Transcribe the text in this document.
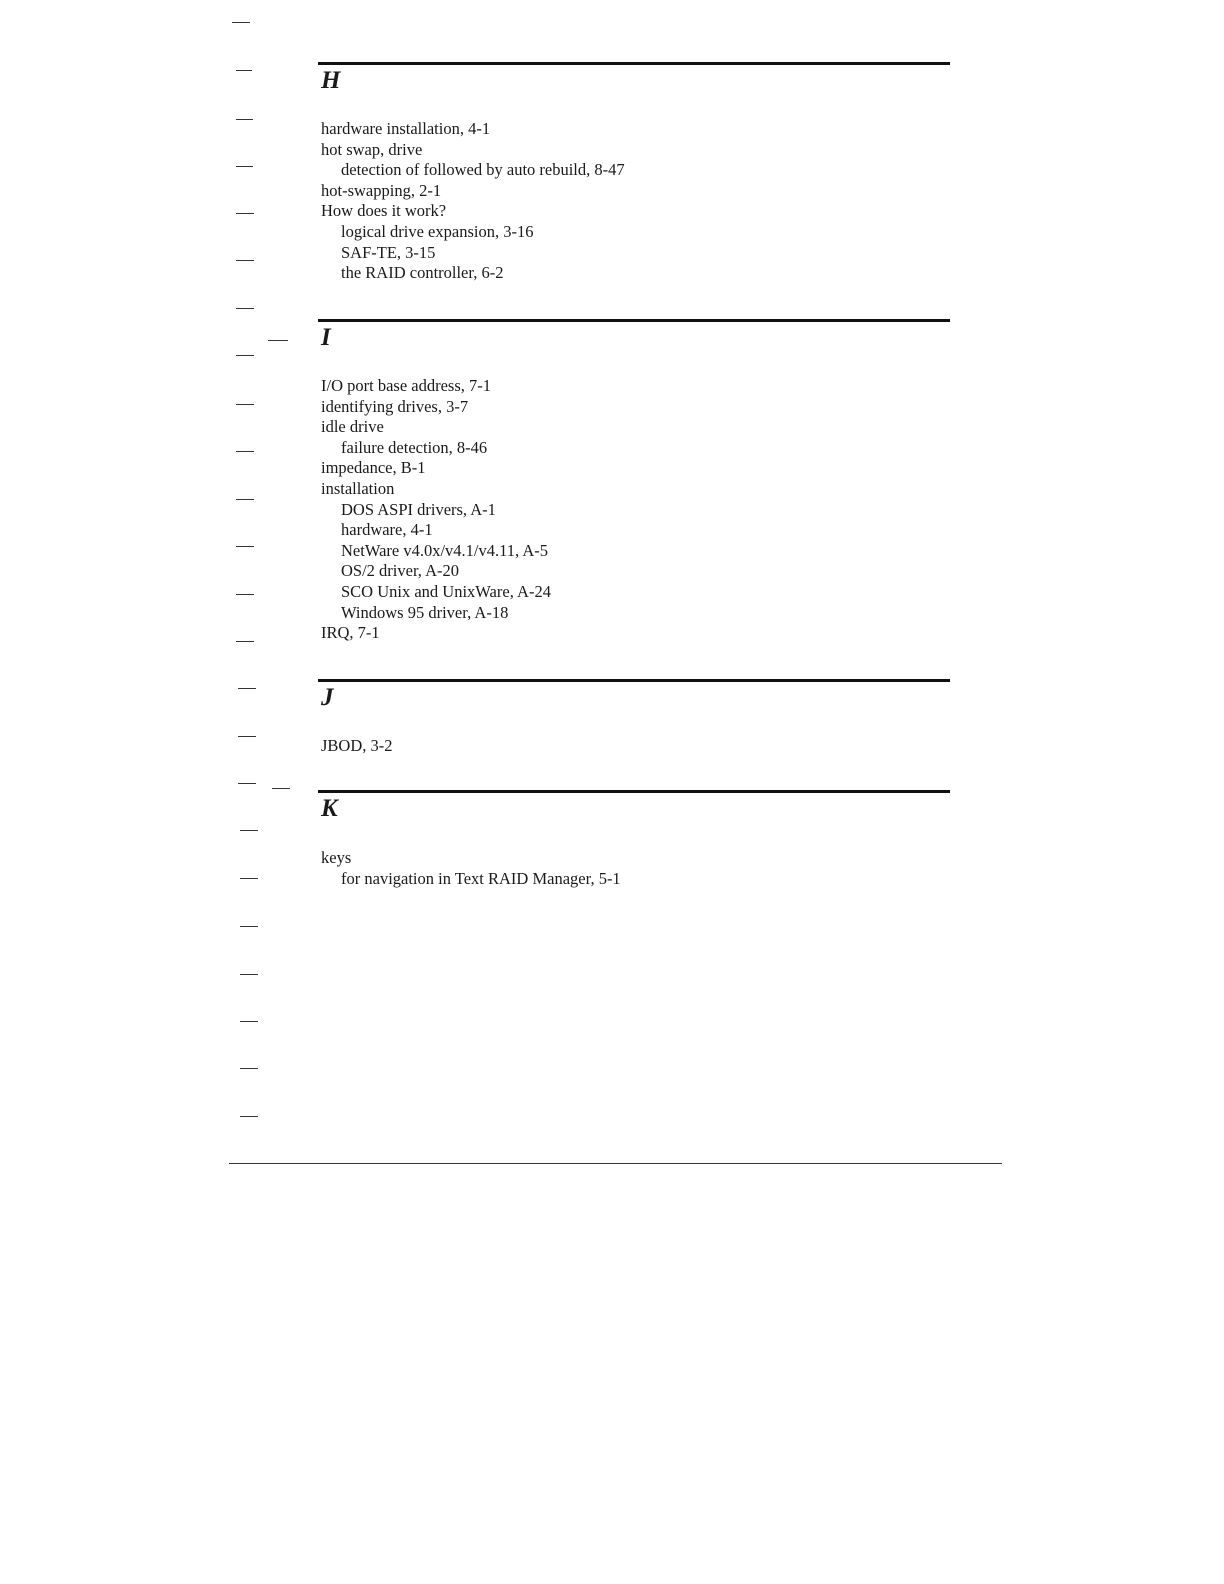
H
hardware installation, 4-1
hot swap, drive
detection of followed by auto rebuild, 8-47
hot-swapping, 2-1
How does it work?
logical drive expansion, 3-16
SAF-TE, 3-15
the RAID controller, 6-2
I
I/O port base address, 7-1
identifying drives, 3-7
idle drive
failure detection, 8-46
impedance, B-1
installation
DOS ASPI drivers, A-1
hardware, 4-1
NetWare v4.0x/v4.1/v4.11, A-5
OS/2 driver, A-20
SCO Unix and UnixWare, A-24
Windows 95 driver, A-18
IRQ, 7-1
J
JBOD, 3-2
K
keys
for navigation in Text RAID Manager, 5-1
